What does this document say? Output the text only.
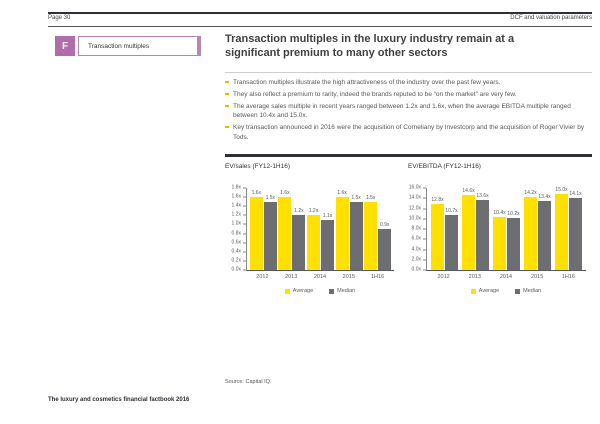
Page 30	DCF and valuation parameters
F	Transaction multiples
Transaction multiples in the luxury industry remain at a significant premium to many other sectors
Transaction multiples illustrate the high attractiveness of the industry over the past few years.
They also reflect a premium to rarity, indeed the brands reputed to be “on the market” are very few.
The average sales multiple in recent years ranged between 1.2x and 1.6x, when the average EBITDA multiple ranged between 10.4x and 15.0x.
Key transaction announced in 2016 were the acquisition of Corneliany by Investcorp and the acquisition of Roger Vivier by Tods.
EV/sales (FY12-1H16)	EV/EBITDA (FY12-1H16)
0.0x
0.2x
0.4x
0.6x
0.8x
1.0x
1.2x
1.4x
1.6x
1.8x
1.6x
1.5x
1.6x
1.2x 1.2x
1.1x
1.6x
1.5x 1.5x
0.9x
2012	2013	2014	2015	1H16
Average	Median
0.0x
2.0x
4.0x
6.0x
8.0x
10.0x
12.0x
14.0x
16.0x
12.8x
10.7x
14.6x
13.6x
10.4x 10.2x
14.2x
13.4x
15.0x
14.1x
2012	2013	2014	2015	1H16
Average	Median
Source: Capital IQ.
The luxury and cosmetics financial factbook 2016
